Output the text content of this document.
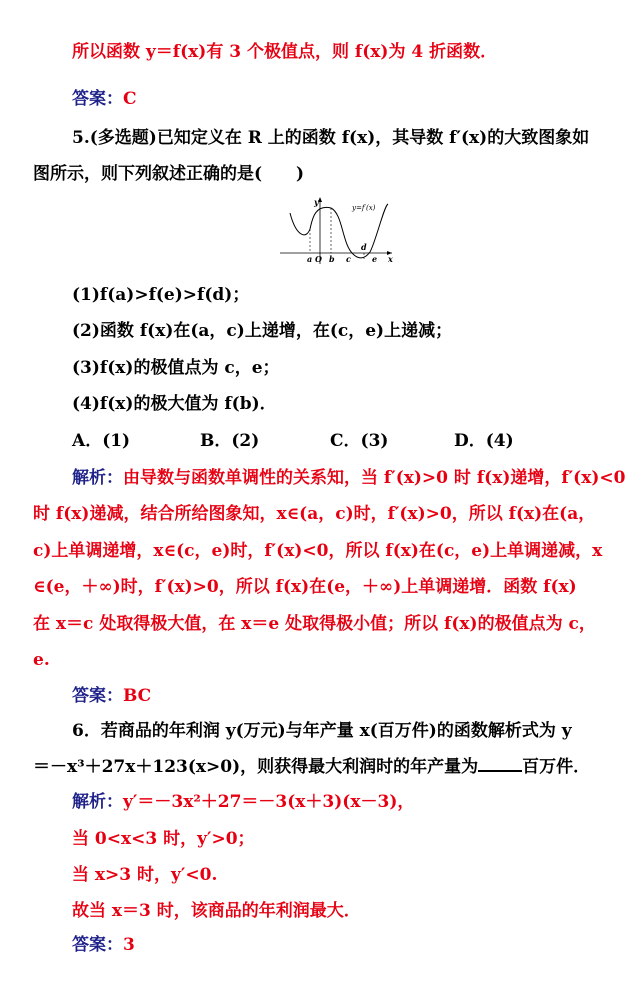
所以函数 y＝f(x)有 3 个极值点，则 f(x)为 4 折函数．
答案：C
5.(多选题)已知定义在 R 上的函数 f(x)，其导数 f′(x)的大致图象如
图所示，则下列叙述正确的是(　　)
y
y=f′(x)
x
O
a b c
d
e
(1)f(a)>f(e)>f(d)；
(2)函数 f(x)在(a，c)上递增，在(c，e)上递减；
(3)f(x)的极值点为 c，e；
(4)f(x)的极大值为 f(b)．
A．(1)	B．(2)	C．(3)	D．(4)
解析：由导数与函数单调性的关系知，当 f′(x)>0 时 f(x)递增，f′(x)<0
时 f(x)递减，结合所给图象知，x∈(a，c)时，f′(x)>0，所以 f(x)在(a，
c)上单调递增，x∈(c，e)时，f′(x)<0，所以 f(x)在(c，e)上单调递减，x
∈(e，＋∞)时，f′(x)>0，所以 f(x)在(e，＋∞)上单调递增．函数 f(x)
在 x＝c 处取得极大值，在 x＝e 处取得极小值；所以 f(x)的极值点为 c，
e.
答案：BC
6．若商品的年利润 y(万元)与年产量 x(百万件)的函数解析式为 y
＝－x³＋27x＋123(x>0)，则获得最大利润时的年产量为	百万件．
解析：y′＝－3x²＋27＝－3(x＋3)(x－3)，
当 0<x<3 时，y′>0；
当 x>3 时，y′<0.
故当 x＝3 时，该商品的年利润最大．
答案：3
